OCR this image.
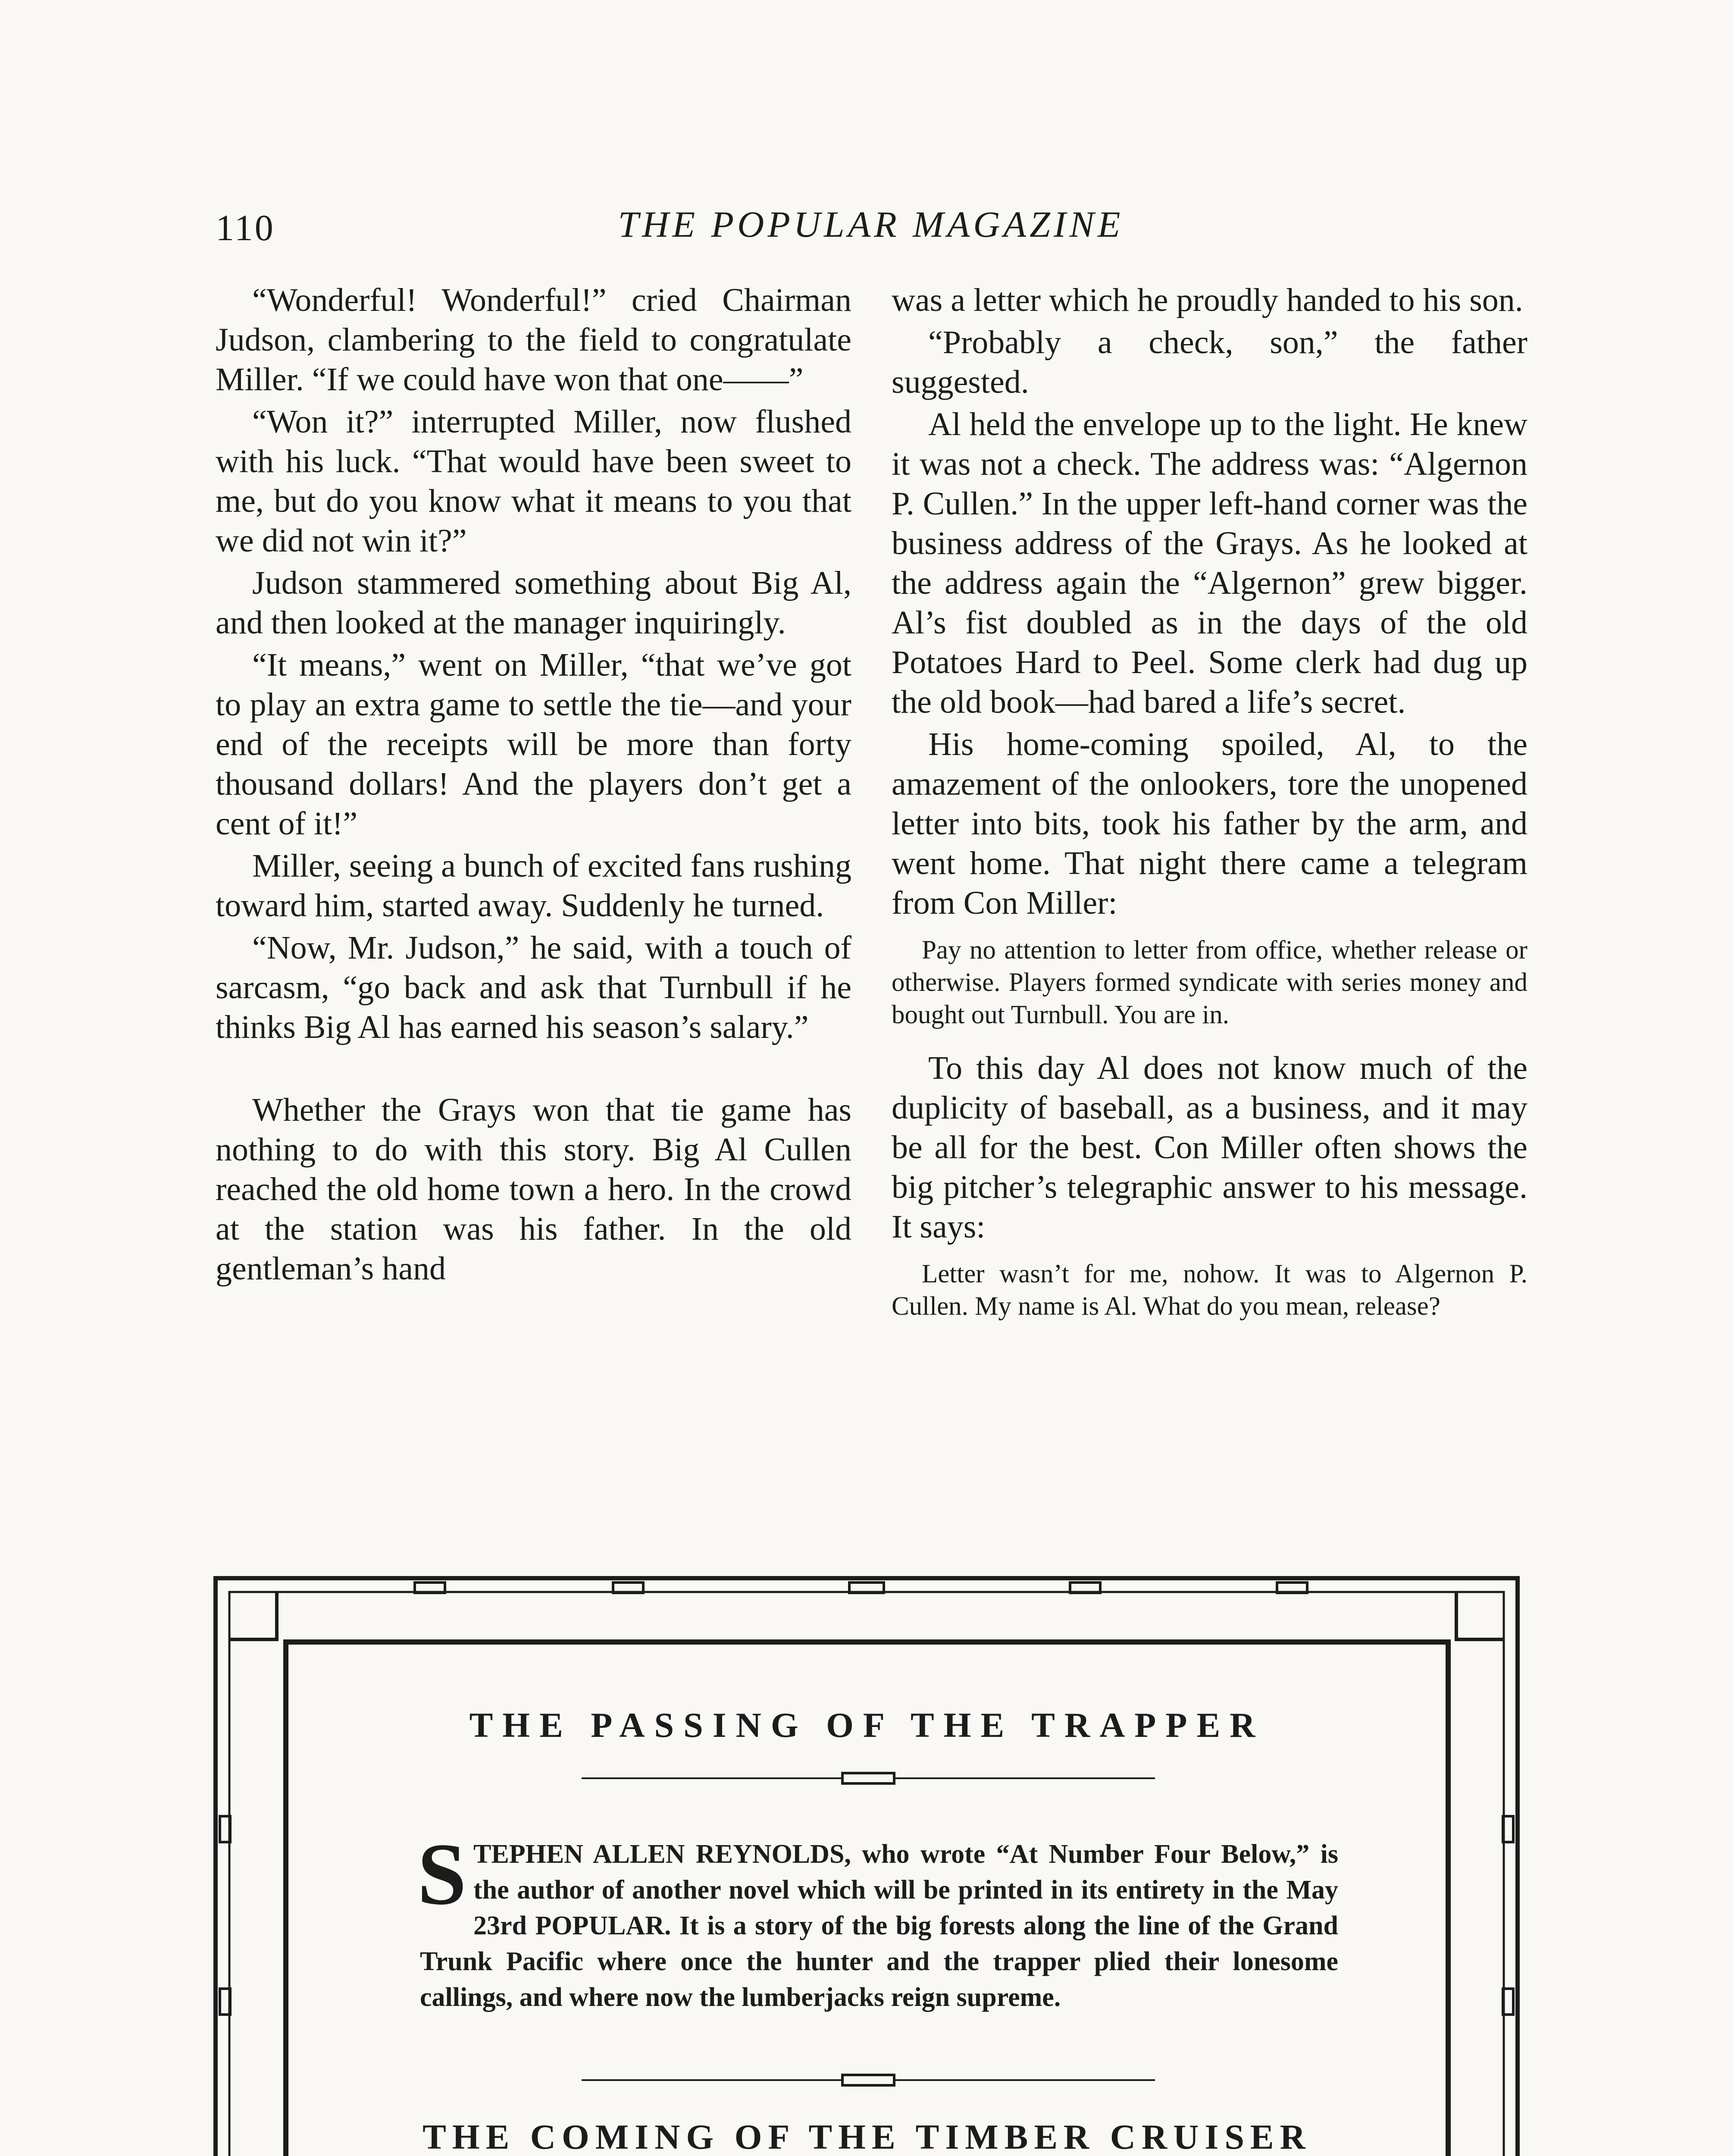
110	THE POPULAR MAGAZINE

“Wonderful! Wonderful!” cried Chairman Judson, clambering to the field to congratulate Miller. “If we could have won that one——”

“Won it?” interrupted Miller, now flushed with his luck. “That would have been sweet to me, but do you know what it means to you that we did not win it?”

Judson stammered something about Big Al, and then looked at the manager inquiringly.

“It means,” went on Miller, “that we’ve got to play an extra game to settle the tie—and your end of the receipts will be more than forty thousand dollars! And the players don’t get a cent of it!”

Miller, seeing a bunch of excited fans rushing toward him, started away. Suddenly he turned.

“Now, Mr. Judson,” he said, with a touch of sarcasm, “go back and ask that Turnbull if he thinks Big Al has earned his season’s salary.”

Whether the Grays won that tie game has nothing to do with this story. Big Al Cullen reached the old home town a hero. In the crowd at the station was his father. In the old gentleman’s hand

was a letter which he proudly handed to his son.

“Probably a check, son,” the father suggested.

Al held the envelope up to the light. He knew it was not a check. The address was: “Algernon P. Cullen.” In the upper left-hand corner was the business address of the Grays. As he looked at the address again the “Algernon” grew bigger. Al’s fist doubled as in the days of the old Potatoes Hard to Peel. Some clerk had dug up the old book—had bared a life’s secret.

His home-coming spoiled, Al, to the amazement of the onlookers, tore the unopened letter into bits, took his father by the arm, and went home. That night there came a telegram from Con Miller:

Pay no attention to letter from office, whether release or otherwise. Players formed syndicate with series money and bought out Turnbull. You are in.

To this day Al does not know much of the duplicity of baseball, as a business, and it may be all for the best. Con Miller often shows the big pitcher’s telegraphic answer to his message. It says:

Letter wasn’t for me, nohow. It was to Algernon P. Cullen. My name is Al. What do you mean, release?
THE PASSING OF THE TRAPPER
S TEPHEN ALLEN REYNOLDS, who wrote “At Number Four Below,” is the author of another novel which will be printed in its entirety in the May 23rd POPULAR. It is a story of the big forests along the line of the Grand Trunk Pacific where once the hunter and the trapper plied their lonesome callings, and where now the lumberjacks reign supreme.
THE COMING OF THE TIMBER CRUISER
